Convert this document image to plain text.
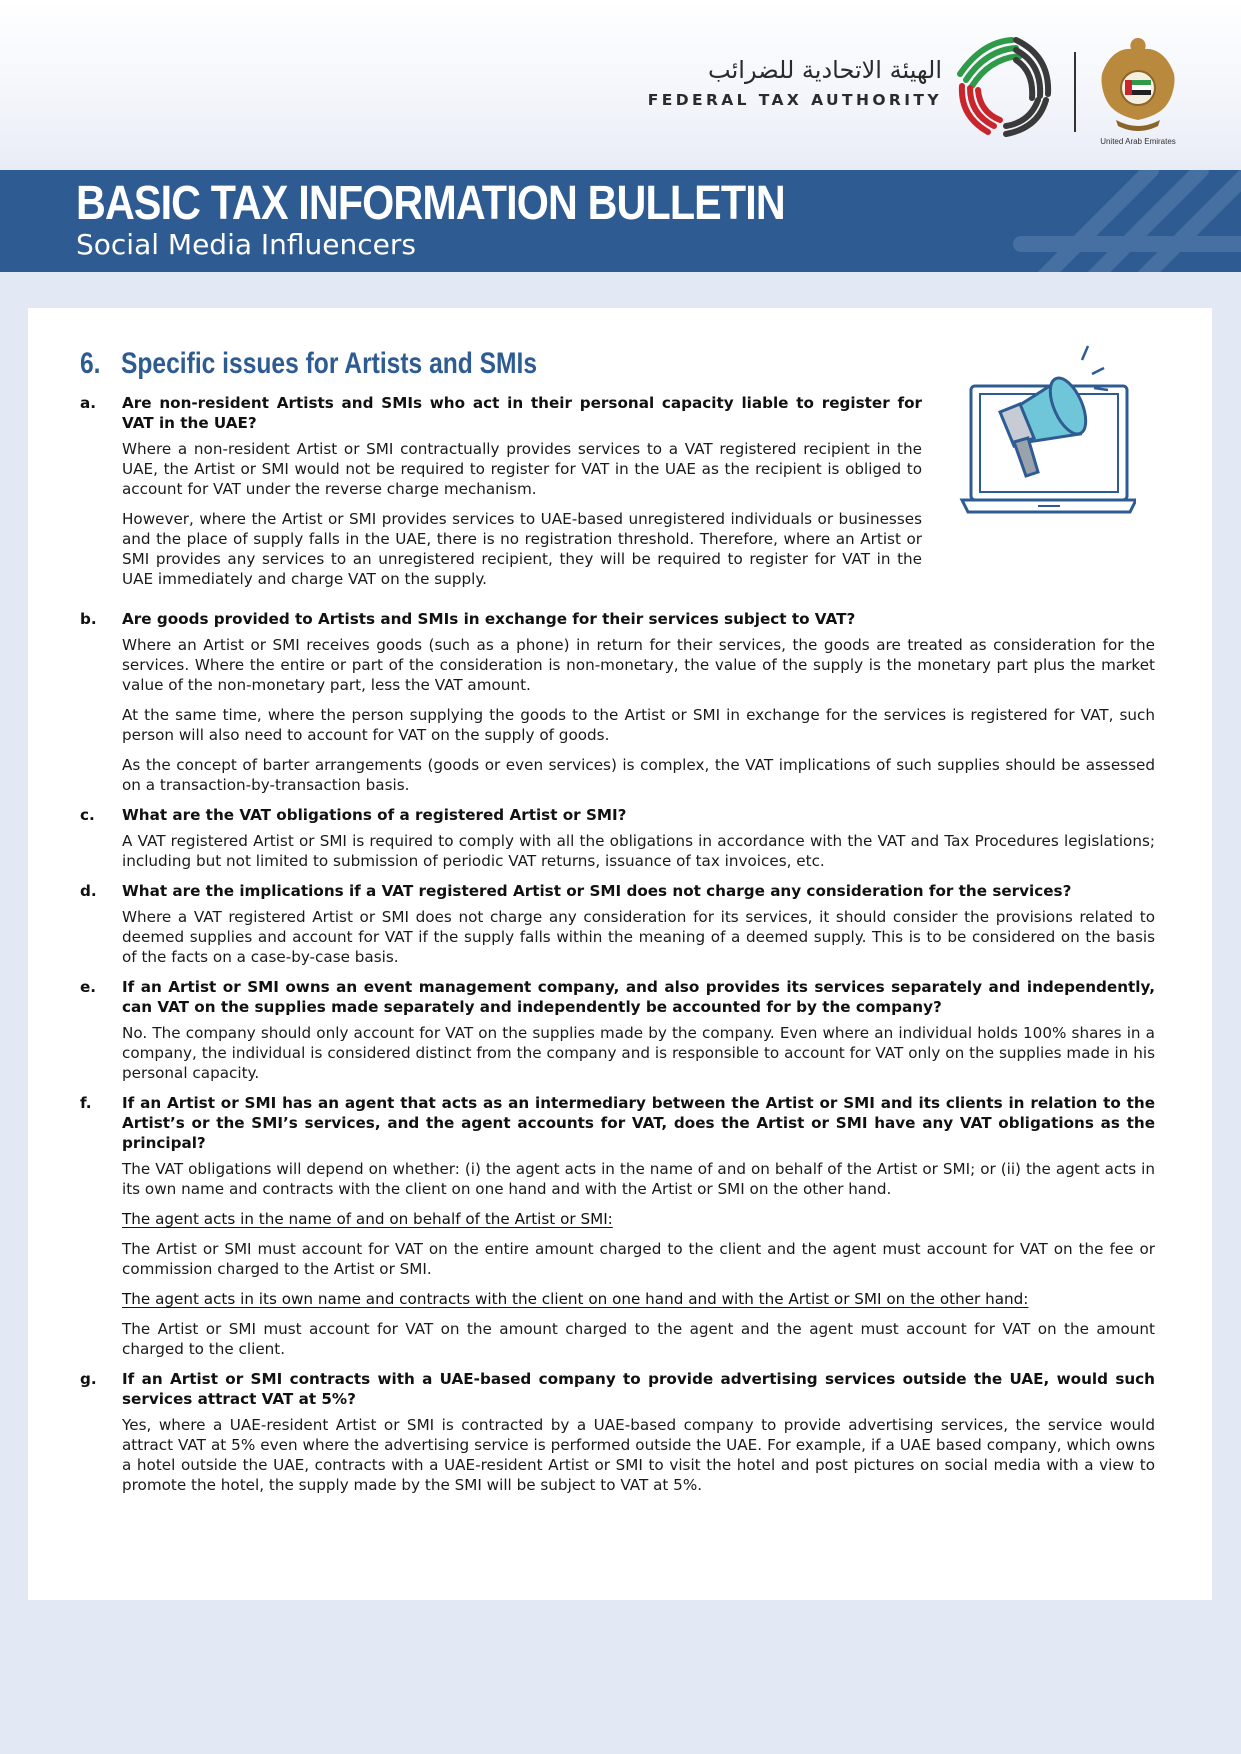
الهيئة الاتحادية للضرائب
FEDERAL TAX AUTHORITY
United Arab Emirates
BASIC TAX INFORMATION BULLETIN
Social Media Influencers
6. Specific issues for Artists and SMIs
a.	Are non-resident Artists and SMIs who act in their personal capacity liable to register for VAT in the UAE?

Where a non-resident Artist or SMI contractually provides services to a VAT registered recipient in the UAE, the Artist or SMI would not be required to register for VAT in the UAE as the recipient is obliged to account for VAT under the reverse charge mechanism.

However, where the Artist or SMI provides services to UAE-based unregistered individuals or businesses and the place of supply falls in the UAE, there is no registration threshold. Therefore, where an Artist or SMI provides any services to an unregistered recipient, they will be required to register for VAT in the UAE immediately and charge VAT on the supply.

b.	Are goods provided to Artists and SMIs in exchange for their services subject to VAT?

Where an Artist or SMI receives goods (such as a phone) in return for their services, the goods are treated as consideration for the services. Where the entire or part of the consideration is non-monetary, the value of the supply is the monetary part plus the market value of the non-monetary part, less the VAT amount.

At the same time, where the person supplying the goods to the Artist or SMI in exchange for the services is registered for VAT, such person will also need to account for VAT on the supply of goods.

As the concept of barter arrangements (goods or even services) is complex, the VAT implications of such supplies should be assessed on a transaction-by-transaction basis.

c.	What are the VAT obligations of a registered Artist or SMI?

A VAT registered Artist or SMI is required to comply with all the obligations in accordance with the VAT and Tax Procedures legislations; including but not limited to submission of periodic VAT returns, issuance of tax invoices, etc.

d.	What are the implications if a VAT registered Artist or SMI does not charge any consideration for the services?

Where a VAT registered Artist or SMI does not charge any consideration for its services, it should consider the provisions related to deemed supplies and account for VAT if the supply falls within the meaning of a deemed supply. This is to be considered on the basis of the facts on a case-by-case basis.

e.	If an Artist or SMI owns an event management company, and also provides its services separately and independently, can VAT on the supplies made separately and independently be accounted for by the company?

No. The company should only account for VAT on the supplies made by the company. Even where an individual holds 100% shares in a company, the individual is considered distinct from the company and is responsible to account for VAT only on the supplies made in his personal capacity.

f.	If an Artist or SMI has an agent that acts as an intermediary between the Artist or SMI and its clients in relation to the Artist’s or the SMI’s services, and the agent accounts for VAT, does the Artist or SMI have any VAT obligations as the principal?

The VAT obligations will depend on whether: (i) the agent acts in the name of and on behalf of the Artist or SMI; or (ii) the agent acts in its own name and contracts with the client on one hand and with the Artist or SMI on the other hand.

The agent acts in the name of and on behalf of the Artist or SMI:

The Artist or SMI must account for VAT on the entire amount charged to the client and the agent must account for VAT on the fee or commission charged to the Artist or SMI.

The agent acts in its own name and contracts with the client on one hand and with the Artist or SMI on the other hand:

The Artist or SMI must account for VAT on the amount charged to the agent and the agent must account for VAT on the amount charged to the client.

g.	If an Artist or SMI contracts with a UAE-based company to provide advertising services outside the UAE, would such services attract VAT at 5%?

Yes, where a UAE-resident Artist or SMI is contracted by a UAE-based company to provide advertising services, the service would attract VAT at 5% even where the advertising service is performed outside the UAE. For example, if a UAE based company, which owns a hotel outside the UAE, contracts with a UAE-resident Artist or SMI to visit the hotel and post pictures on social media with a view to promote the hotel, the supply made by the SMI will be subject to VAT at 5%.
